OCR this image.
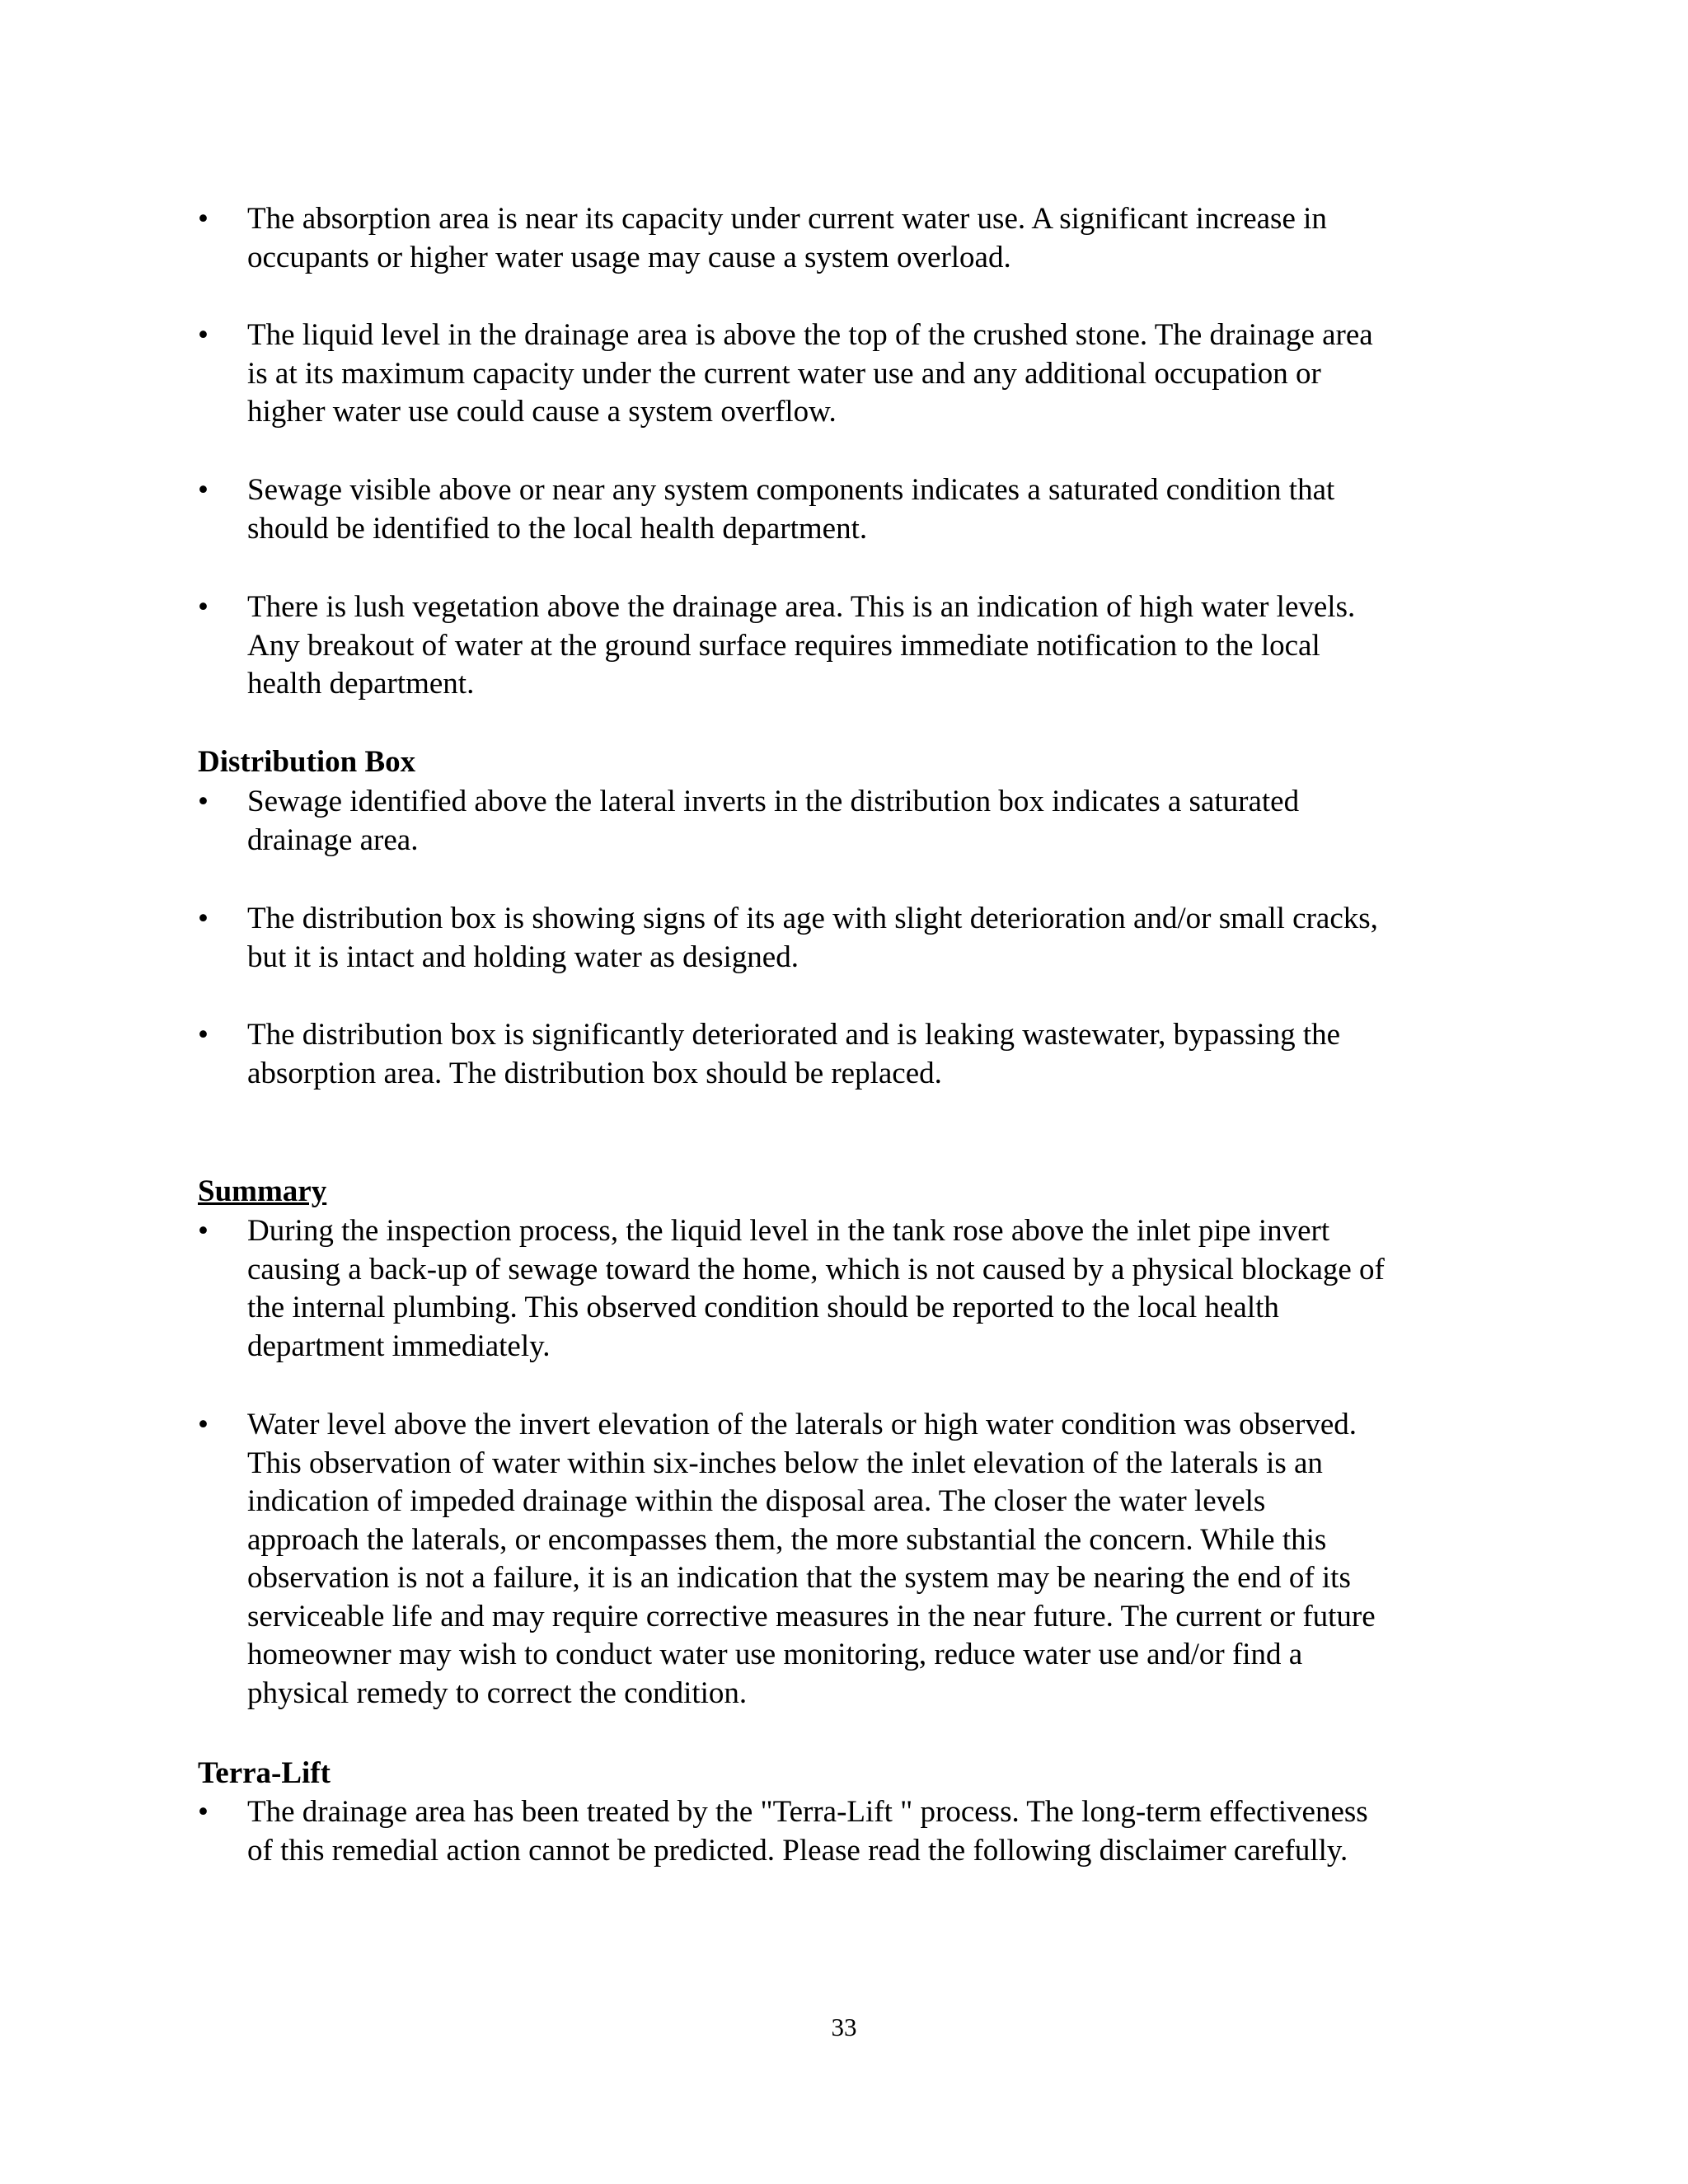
The absorption area is near its capacity under current water use. A significant increase in
occupants or higher water usage may cause a system overload.
The liquid level in the drainage area is above the top of the crushed stone. The drainage area
is at its maximum capacity under the current water use and any additional occupation or
higher water use could cause a system overflow.
Sewage visible above or near any system components indicates a saturated condition that
should be identified to the local health department.
There is lush vegetation above the drainage area. This is an indication of high water levels.
Any breakout of water at the ground surface requires immediate notification to the local
health department.
Distribution Box
Sewage identified above the lateral inverts in the distribution box indicates a saturated
drainage area.
The distribution box is showing signs of its age with slight deterioration and/or small cracks,
but it is intact and holding water as designed.
The distribution box is significantly deteriorated and is leaking wastewater, bypassing the
absorption area. The distribution box should be replaced.
Summary
During the inspection process, the liquid level in the tank rose above the inlet pipe invert
causing a back-up of sewage toward the home, which is not caused by a physical blockage of
the internal plumbing. This observed condition should be reported to the local health
department immediately.
Water level above the invert elevation of the laterals or high water condition was observed.
This observation of water within six-inches below the inlet elevation of the laterals is an
indication of impeded drainage within the disposal area. The closer the water levels
approach the laterals, or encompasses them, the more substantial the concern. While this
observation is not a failure, it is an indication that the system may be nearing the end of its
serviceable life and may require corrective measures in the near future. The current or future
homeowner may wish to conduct water use monitoring, reduce water use and/or find a
physical remedy to correct the condition.
Terra-Lift
The drainage area has been treated by the "Terra-Lift " process. The long-term effectiveness
of this remedial action cannot be predicted. Please read the following disclaimer carefully.
33
